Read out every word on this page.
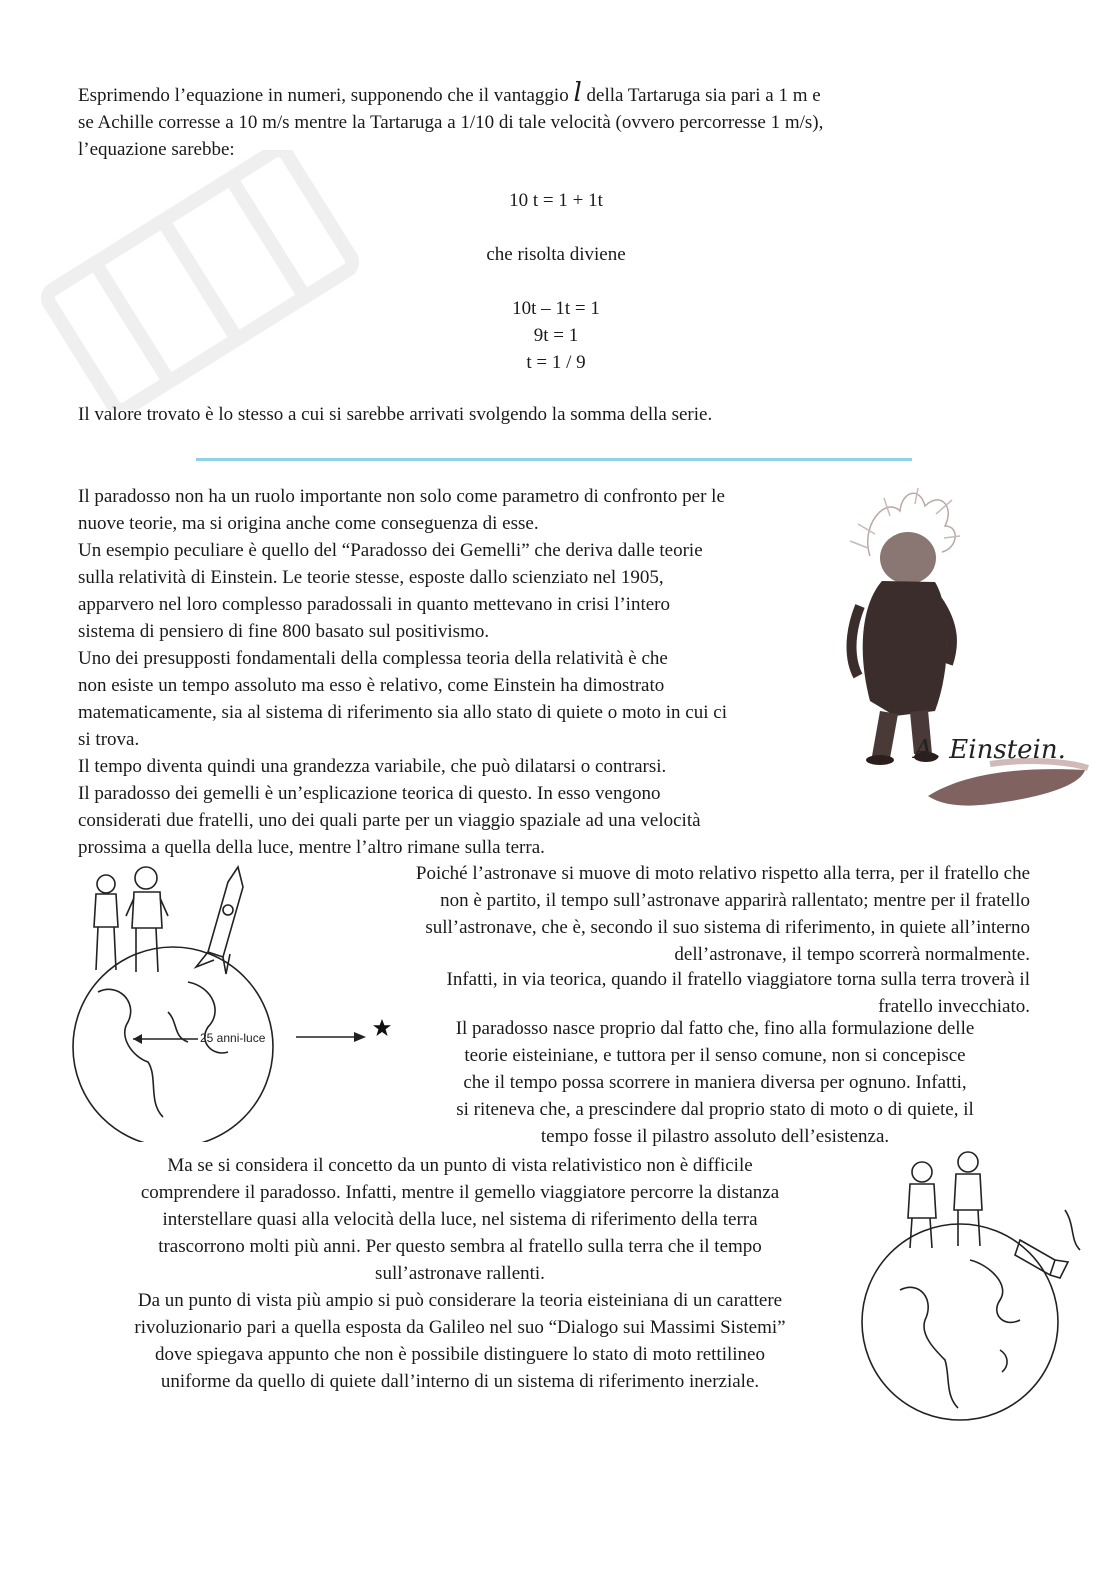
Esprimendo l’equazione in numeri, supponendo che il vantaggio l della Tartaruga sia pari a 1 m e

se Achille corresse a 10 m/s mentre la Tartaruga a 1/10 di tale velocità (ovvero percorresse 1 m/s),

l’equazione sarebbe:

10 t = 1 + 1t
che risolta diviene
10t – 1t = 1
9t = 1
t = 1 / 9
Il valore trovato è lo stesso a cui si sarebbe arrivati svolgendo la somma della serie.

Il paradosso non ha un ruolo importante non solo come parametro di confronto per le

nuove teorie, ma si origina anche come conseguenza di esse.

Un esempio peculiare è quello del “Paradosso dei Gemelli” che deriva dalle teorie

sulla relatività di Einstein. Le teorie stesse, esposte dallo scienziato nel 1905,

apparvero nel loro complesso paradossali in quanto mettevano in crisi l’intero

sistema di pensiero di fine 800 basato sul positivismo.

Uno dei presupposti fondamentali della complessa teoria della relatività è che

non esiste un tempo assoluto ma esso è relativo, come Einstein ha dimostrato

matematicamente, sia al sistema di riferimento sia allo stato di quiete o moto in cui ci

si trova.

Il tempo diventa quindi una grandezza variabile, che può dilatarsi o contrarsi.

Il paradosso dei gemelli è un’esplicazione teorica di questo. In esso vengono

considerati due fratelli, uno dei quali parte per un viaggio spaziale ad una velocità

prossima a quella della luce, mentre l’altro rimane sulla terra.

A. Einstein.

Poiché l’astronave si muove di moto relativo rispetto alla terra, per il fratello che

non è partito, il tempo sull’astronave apparirà rallentato; mentre per il fratello

sull’astronave, che è, secondo il suo sistema di riferimento, in quiete all’interno

dell’astronave, il tempo scorrerà normalmente.

Infatti, in via teorica, quando il fratello viaggiatore torna sulla terra troverà il

fratello invecchiato.

25 anni-luce	Il paradosso nasce proprio dal fatto che, fino alla formulazione delle

teorie eisteiniane, e tuttora per il senso comune, non si concepisce

che il tempo possa scorrere in maniera diversa per ognuno. Infatti,

si riteneva che, a prescindere dal proprio stato di moto o di quiete, il

tempo fosse il pilastro assoluto dell’esistenza.

Ma se si considera il concetto da un punto di vista relativistico non è difficile

comprendere il paradosso. Infatti, mentre il gemello viaggiatore percorre la distanza

interstellare quasi alla velocità della luce, nel sistema di riferimento della terra

trascorrono molti più anni. Per questo sembra al fratello sulla terra che il tempo

sull’astronave rallenti.

Da un punto di vista più ampio si può considerare la teoria eisteiniana di un carattere

rivoluzionario pari a quella esposta da Galileo nel suo “Dialogo sui Massimi Sistemi”

dove spiegava appunto che non è possibile distinguere lo stato di moto rettilineo

uniforme da quello di quiete dall’interno di un sistema di riferimento inerziale.
